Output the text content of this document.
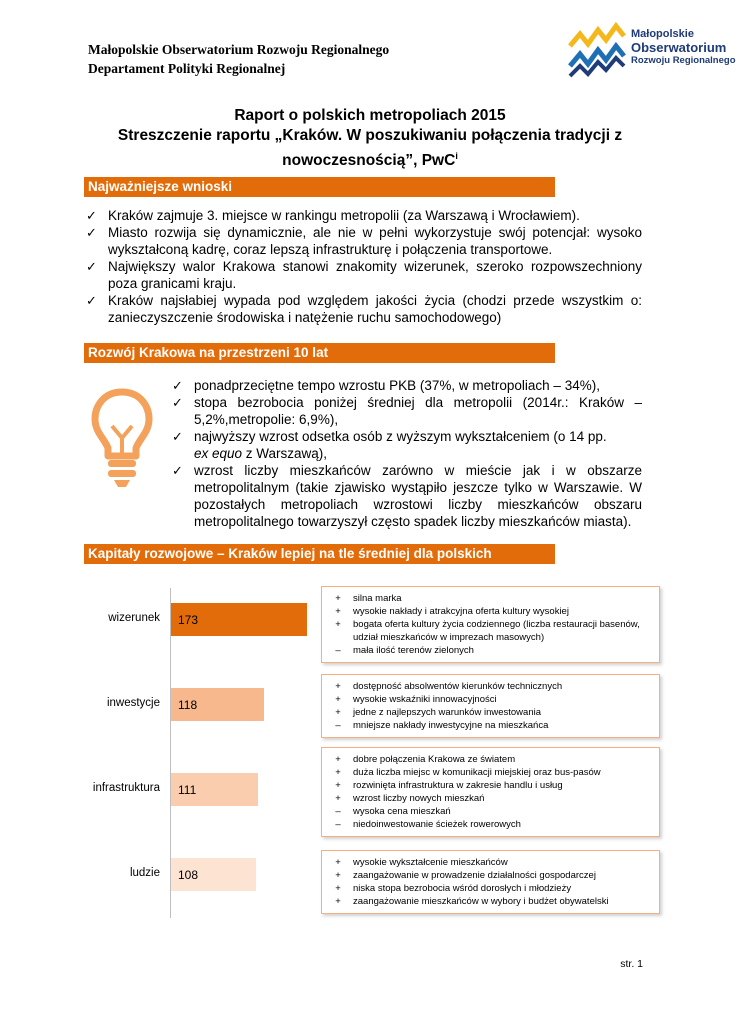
Małopolskie Obserwatorium Rozwoju Regionalnego
Departament Polityki Regionalnej
Małopolskie
Obserwatorium
Rozwoju Regionalnego
Raport o polskich metropoliach 2015
Streszczenie raportu „Kraków. W poszukiwaniu połączenia tradycji z
nowoczesnością”, PwC$^i$
Najważniejsze wnioski
✓ Kraków zajmuje 3. miejsce w rankingu metropolii (za Warszawą i Wrocławiem).
✓ Miasto rozwija się dynamicznie, ale nie w pełni wykorzystuje swój potencjał: wysoko wykształconą kadrę, coraz lepszą infrastrukturę i połączenia transportowe.
✓ Największy walor Krakowa stanowi znakomity wizerunek, szeroko rozpowszechniony poza granicami kraju.
✓ Kraków najsłabiej wypada pod względem jakości życia (chodzi przede wszystkim o: zanieczyszczenie środowiska i natężenie ruchu samochodowego)
Rozwój Krakowa na przestrzeni 10 lat
✓ ponadprzeciętne tempo wzrostu PKB (37%, w metropoliach – 34%),
✓ stopa bezrobocia poniżej średniej dla metropolii (2014r.: Kraków – 5,2%,metropolie: 6,9%),
✓ najwyższy wzrost odsetka osób z wyższym wykształceniem (o 14 pp.
ex equo z Warszawą),
✓ wzrost liczby mieszkańców zarówno w mieście jak i w obszarze metropolitalnym (takie zjawisko wystąpiło jeszcze tylko w Warszawie. W pozostałych metropoliach wzrostowi liczby mieszkańców obszaru metropolitalnego towarzyszył często spadek liczby mieszkańców miasta).
Kapitały rozwojowe – Kraków lepiej na tle średniej dla polskich metropolii
wizerunek 173
+	silna marka
+	wysokie nakłady i atrakcyjna oferta kultury wysokiej
+	bogata oferta kultury życia codziennego (liczba restauracji basenów, udział mieszkańców w imprezach masowych)
–	mała ilość terenów zielonych
inwestycje 118
+	dostępność absolwentów kierunków technicznych
+	wysokie wskaźniki innowacyjności
+	jedne z najlepszych warunków inwestowania
–	mniejsze nakłady inwestycyjne na mieszkańca
infrastruktura 111
+	dobre połączenia Krakowa ze światem
+	duża liczba miejsc w komunikacji miejskiej oraz bus-pasów
+	rozwinięta infrastruktura w zakresie handlu i usług
+	wzrost liczby nowych mieszkań
–	wysoka cena mieszkań
–	niedoinwestowanie ścieżek rowerowych
ludzie 108
+	wysokie wykształcenie mieszkańców
+	zaangażowanie w prowadzenie działalności gospodarczej
+	niska stopa bezrobocia wśród dorosłych i młodzieży
+	zaangażowanie mieszkańców w wybory i budżet obywatelski
str. 1
